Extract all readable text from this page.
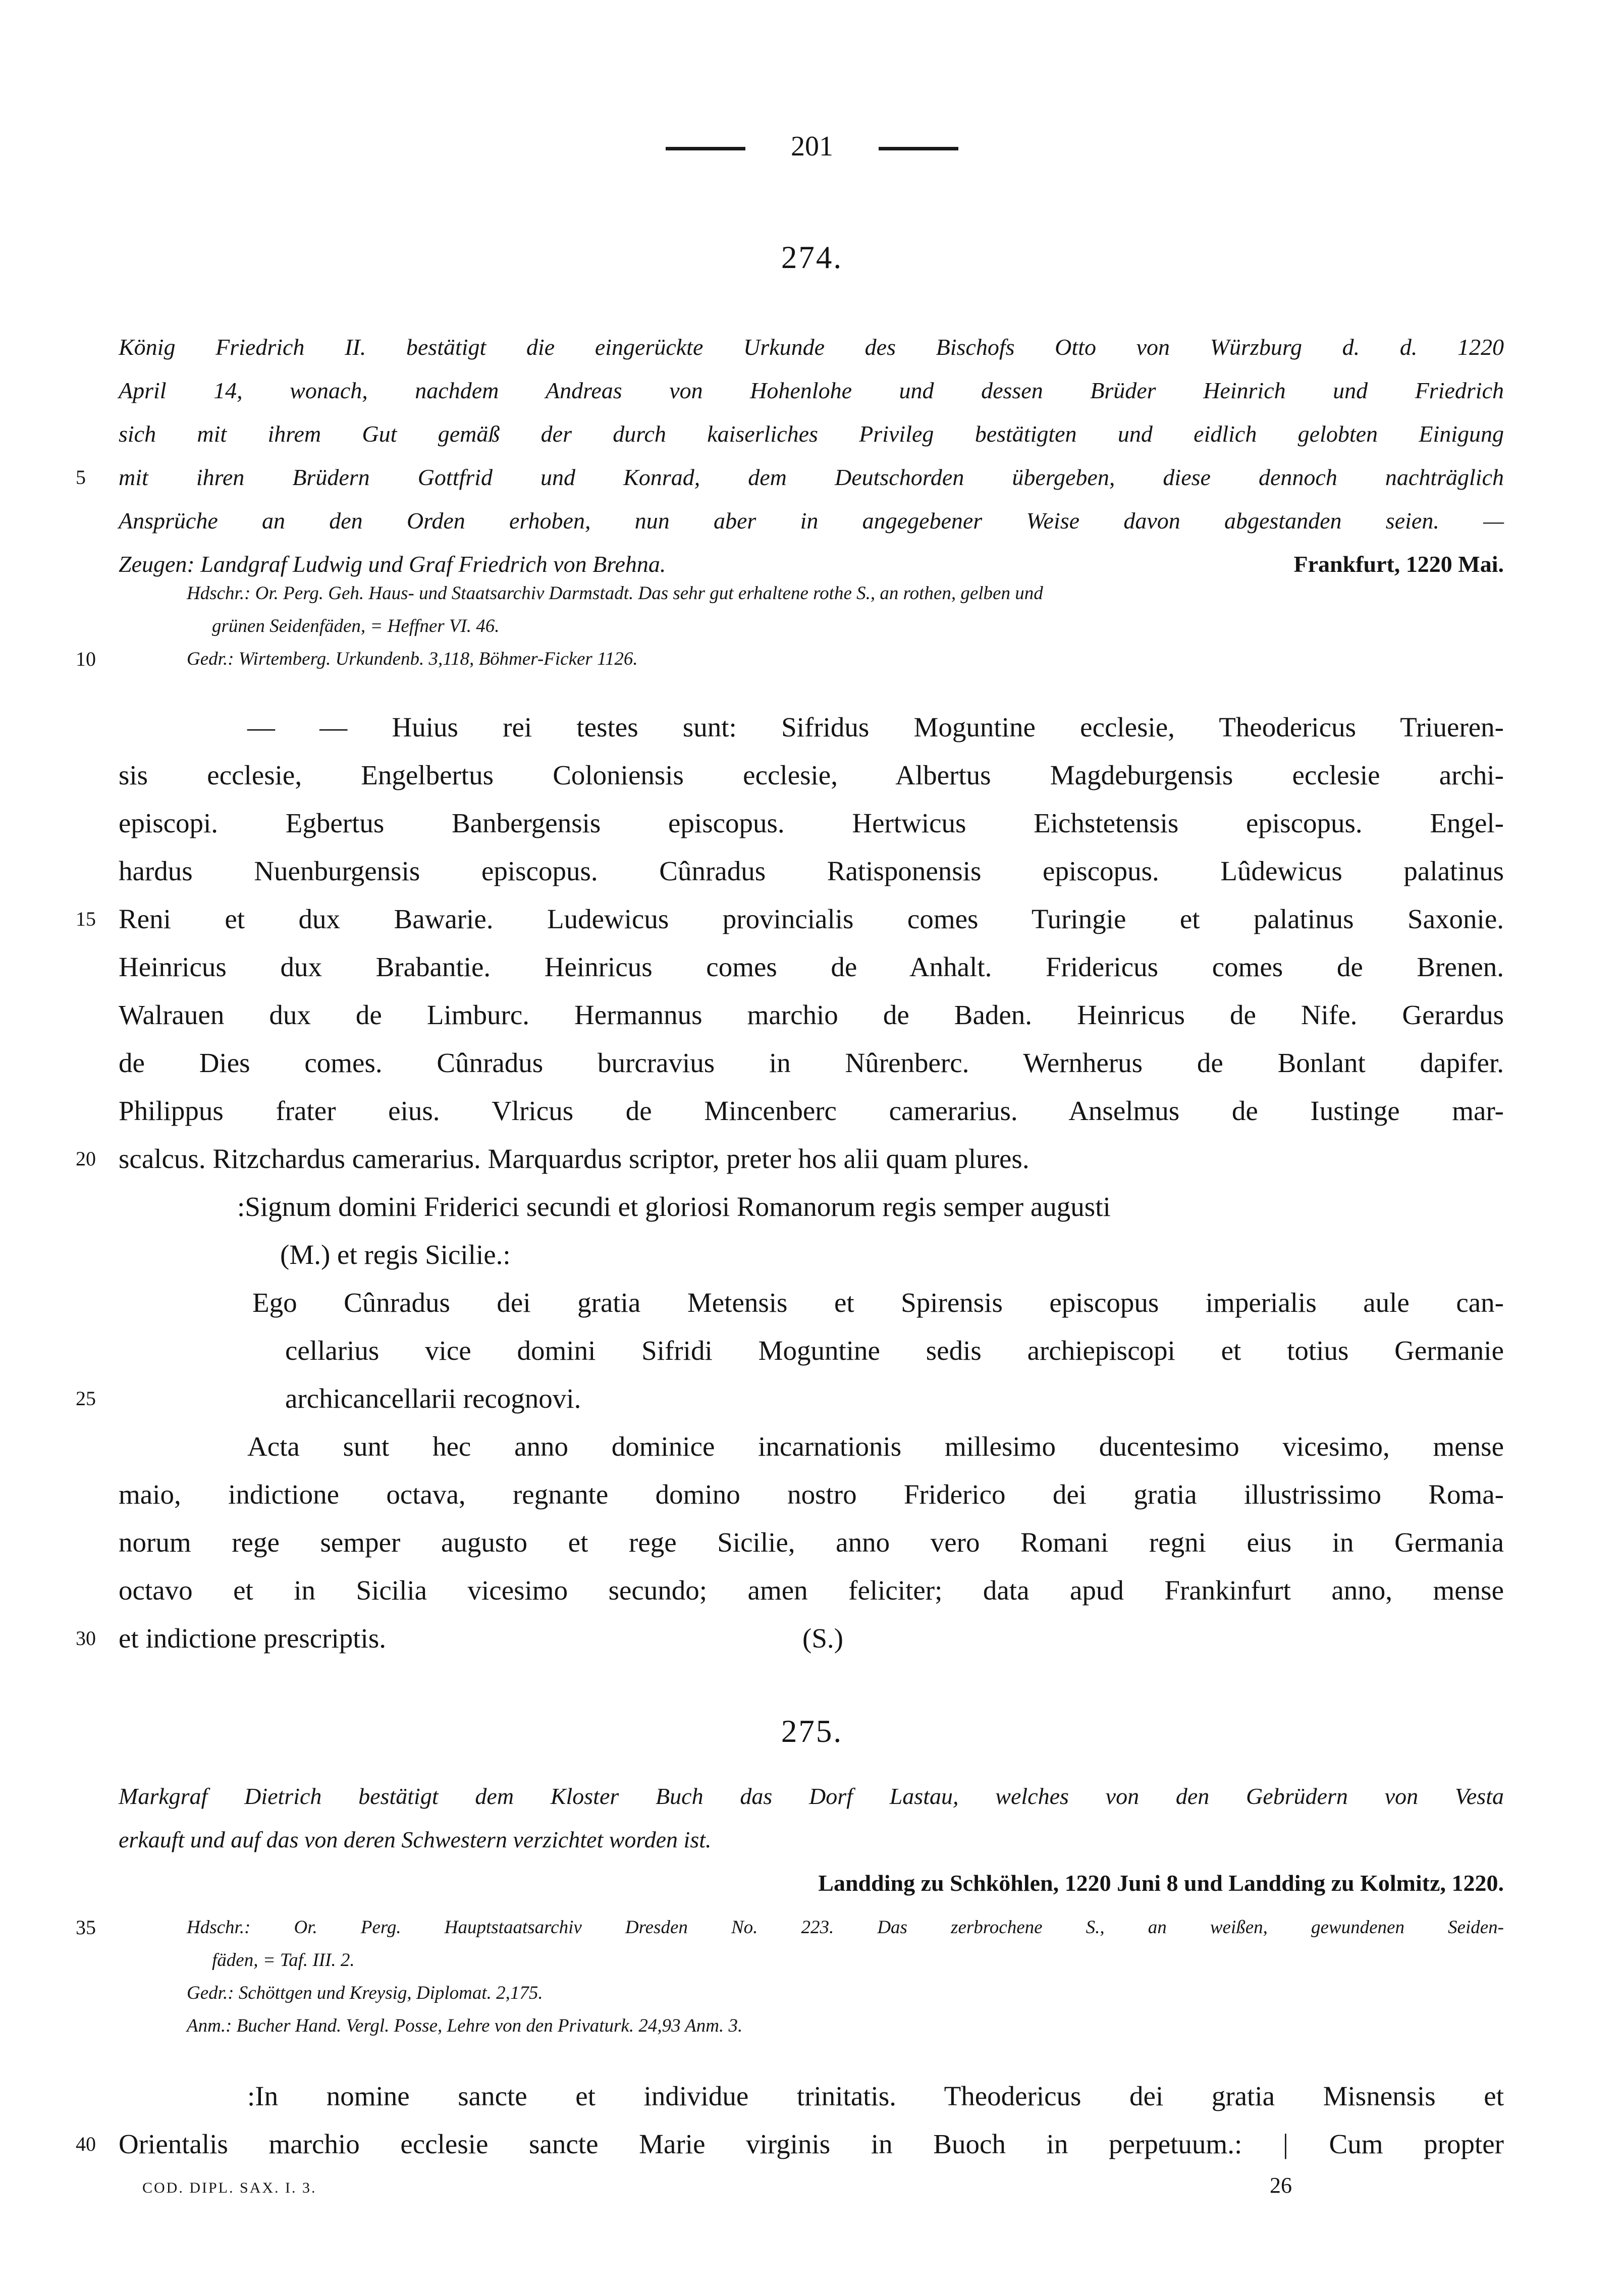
201
274.
König Friedrich II. bestätigt die eingerückte Urkunde des Bischofs Otto von Würzburg d. d. 1220
April 14, wonach, nachdem Andreas von Hohenlohe und dessen Brüder Heinrich und Friedrich
sich mit ihrem Gut gemäß der durch kaiserliches Privileg bestätigten und eidlich gelobten Einigung
5	mit ihren Brüdern Gottfrid und Konrad, dem Deutschorden übergeben, diese dennoch nachträglich
Ansprüche an den Orden erhoben, nun aber in angegebener Weise davon abgestanden seien. —
Zeugen: Landgraf Ludwig und Graf Friedrich von Brehna.	Frankfurt, 1220 Mai.
Hdschr.: Or. Perg. Geh. Haus- und Staatsarchiv Darmstadt. Das sehr gut erhaltene rothe S., an rothen, gelben und
grünen Seidenfäden, = Heffner VI. 46.
10	Gedr.: Wirtemberg. Urkundenb. 3,118, Böhmer-Ficker 1126.
— — Huius rei testes sunt: Sifridus Moguntine ecclesie, Theodericus Triueren-
sis ecclesie, Engelbertus Coloniensis ecclesie, Albertus Magdeburgensis ecclesie archi-
episcopi. Egbertus Banbergensis episcopus. Hertwicus Eichstetensis episcopus. Engel-
hardus Nuenburgensis episcopus. Cûnradus Ratisponensis episcopus. Lûdewicus palatinus
15 Reni et dux Bawarie. Ludewicus provincialis comes Turingie et palatinus Saxonie.
Heinricus dux Brabantie. Heinricus comes de Anhalt. Fridericus comes de Brenen.
Walrauen dux de Limburc. Hermannus marchio de Baden. Heinricus de Nife. Gerardus
de Dies comes. Cûnradus burcravius in Nûrenberc. Wernherus de Bonlant dapifer.
Philippus frater eius. Vlricus de Mincenberc camerarius. Anselmus de Iustinge mar-
20 scalcus. Ritzchardus camerarius. Marquardus scriptor, preter hos alii quam plures.
:Signum domini Friderici secundi et gloriosi Romanorum regis semper augusti
(M.) et regis Sicilie.:
Ego Cûnradus dei gratia Metensis et Spirensis episcopus imperialis aule can-
cellarius vice domini Sifridi Moguntine sedis archiepiscopi et totius Germanie
25	archicancellarii recognovi.
Acta sunt hec anno dominice incarnationis millesimo ducentesimo vicesimo, mense
maio, indictione octava, regnante domino nostro Friderico dei gratia illustrissimo Roma-
norum rege semper augusto et rege Sicilie, anno vero Romani regni eius in Germania
octavo et in Sicilia vicesimo secundo; amen feliciter; data apud Frankinfurt anno, mense
30 et indictione prescriptis.	(S.)
275.
Markgraf Dietrich bestätigt dem Kloster Buch das Dorf Lastau, welches von den Gebrüdern von Vesta
erkauft und auf das von deren Schwestern verzichtet worden ist.
Landding zu Schköhlen, 1220 Juni 8 und Landding zu Kolmitz, 1220.
35	Hdschr.: Or. Perg. Hauptstaatsarchiv Dresden No. 223. Das zerbrochene S., an weißen, gewundenen Seiden-
fäden, = Taf. III. 2.
Gedr.: Schöttgen und Kreysig, Diplomat. 2,175.
Anm.: Bucher Hand. Vergl. Posse, Lehre von den Privaturk. 24,93 Anm. 3.
:In nomine sancte et individue trinitatis. Theodericus dei gratia Misnensis et
40 Orientalis marchio ecclesie sancte Marie virginis in Buoch in perpetuum.: | Cum propter
COD. DIPL. SAX. I. 3.	26
